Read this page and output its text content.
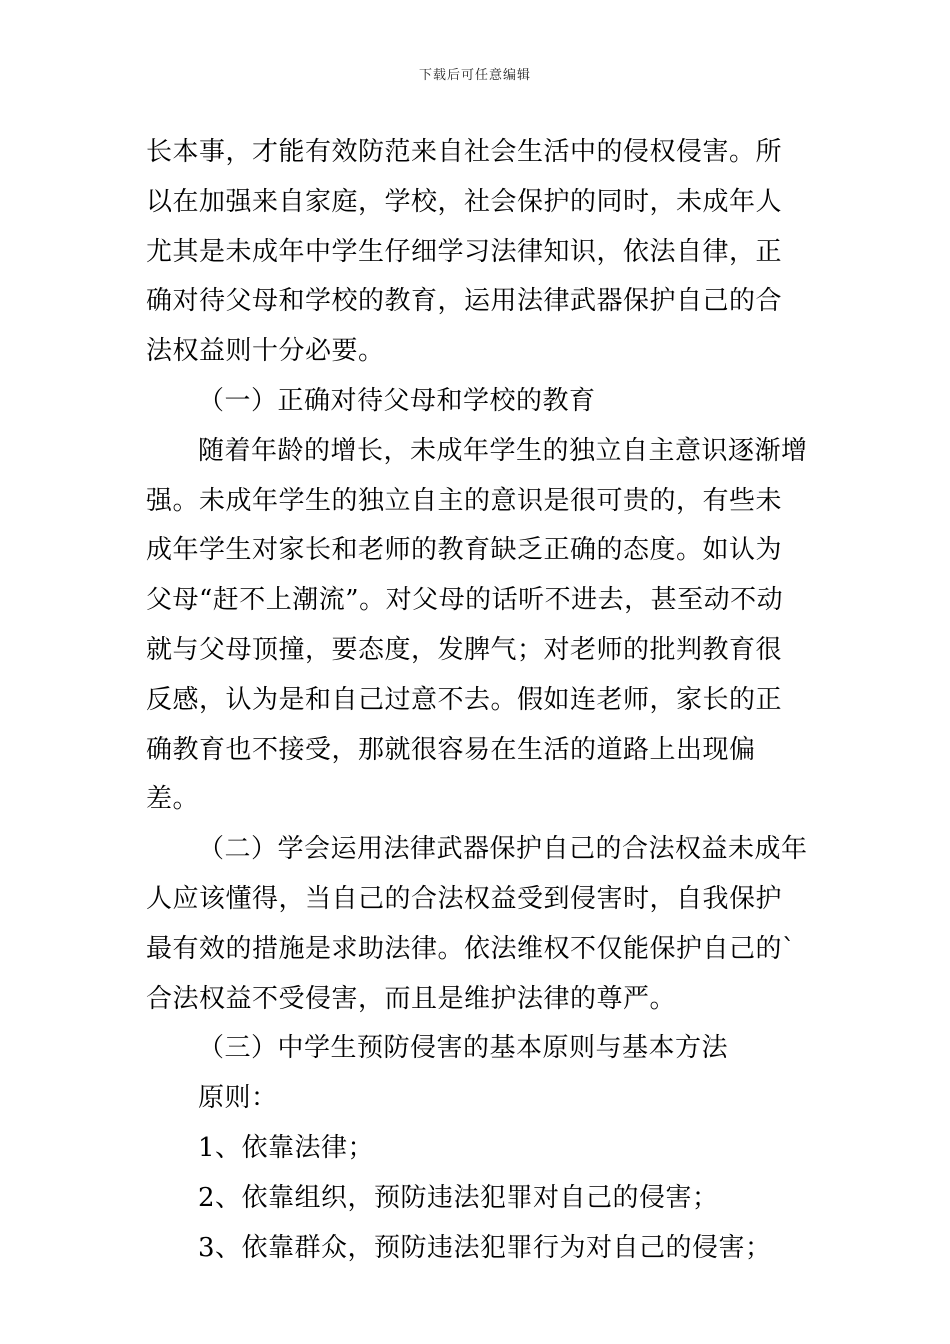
下载后可任意编辑

长本事，才能有效防范来自社会生活中的侵权侵害。所以在加强来自家庭，学校，社会保护的同时，未成年人尤其是未成年中学生仔细学习法律知识，依法自律，正确对待父母和学校的教育，运用法律武器保护自己的合法权益则十分必要。

（一）正确对待父母和学校的教育

随着年龄的增长，未成年学生的独立自主意识逐渐增强。未成年学生的独立自主的意识是很可贵的，有些未成年学生对家长和老师的教育缺乏正确的态度。如认为父母“赶不上潮流”。对父母的话听不进去，甚至动不动就与父母顶撞，要态度，发脾气；对老师的批判教育很反感，认为是和自己过意不去。假如连老师，家长的正确教育也不接受，那就很容易在生活的道路上出现偏差。

（二）学会运用法律武器保护自己的合法权益未成年人应该懂得，当自己的合法权益受到侵害时，自我保护最有效的措施是求助法律。依法维权不仅能保护自己的`合法权益不受侵害，而且是维护法律的尊严。

（三）中学生预防侵害的基本原则与基本方法

原则：

1、依靠法律；

2、依靠组织，预防违法犯罪对自己的侵害；

3、依靠群众，预防违法犯罪行为对自己的侵害；
